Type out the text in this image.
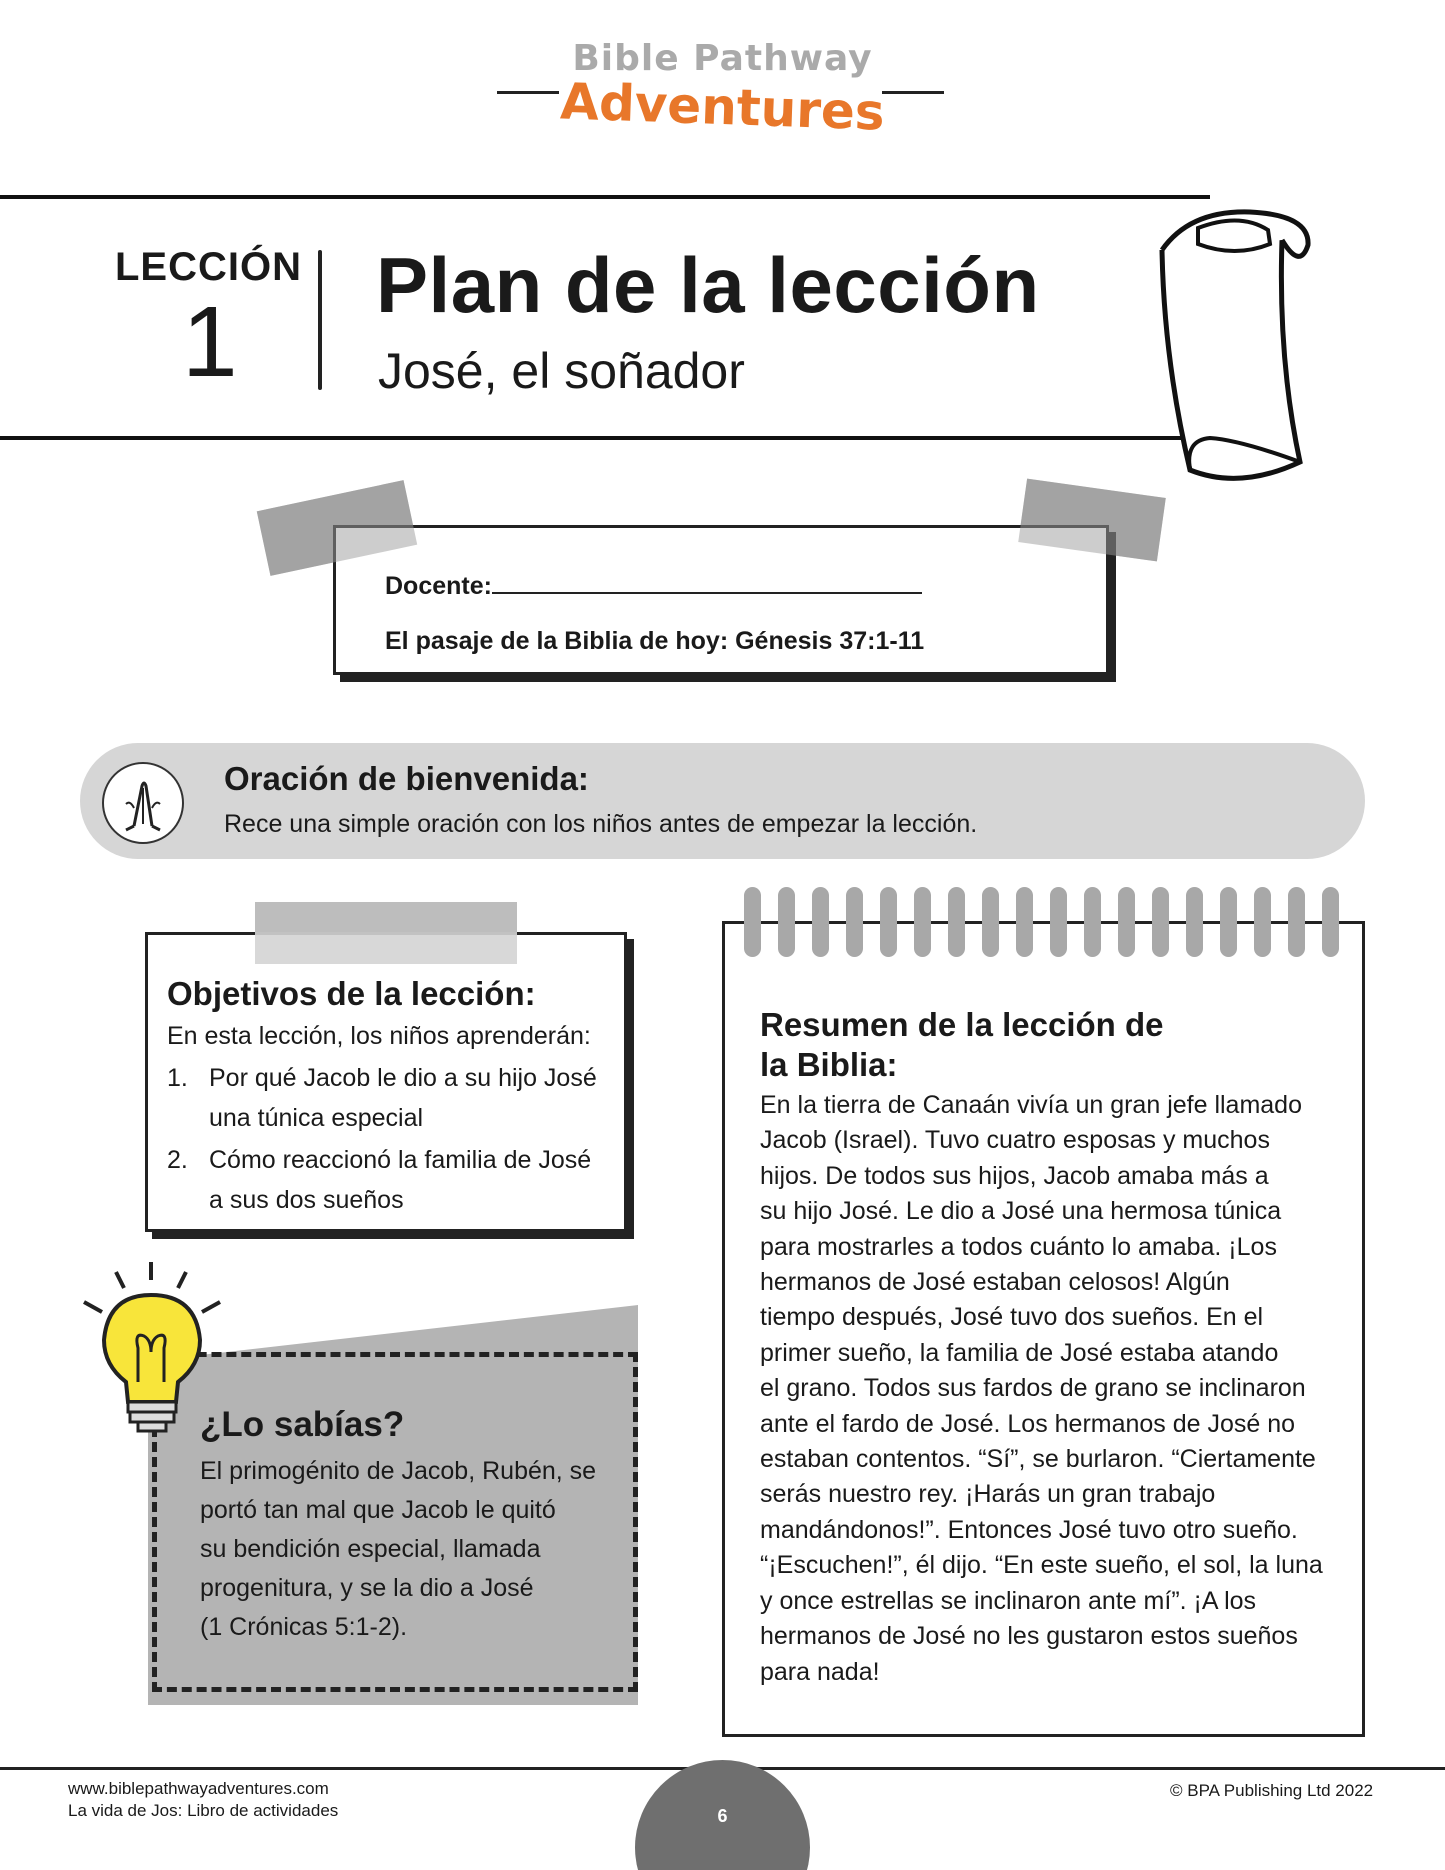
Bible Pathway
Adventures
LECCIÓN
1
Plan de la lección
José, el soñador
Docente:
El pasaje de la Biblia de hoy: Génesis 37:1-11
Oración de bienvenida:
Rece una simple oración con los niños antes de empezar la lección.
Objetivos de la lección:
En esta lección, los niños aprenderán:
1. Por qué Jacob le dio a su hijo José
una túnica especial
2. Cómo reaccionó la familia de José
a sus dos sueños
¿Lo sabías?
El primogénito de Jacob, Rubén, se
portó tan mal que Jacob le quitó
su bendición especial, llamada
progenitura, y se la dio a José
(1 Crónicas 5:1-2).
Resumen de la lección de
la Biblia:
En la tierra de Canaán vivía un gran jefe llamado
Jacob (Israel). Tuvo cuatro esposas y muchos
hijos. De todos sus hijos, Jacob amaba más a
su hijo José. Le dio a José una hermosa túnica
para mostrarles a todos cuánto lo amaba. ¡Los
hermanos de José estaban celosos! Algún
tiempo después, José tuvo dos sueños. En el
primer sueño, la familia de José estaba atando
el grano. Todos sus fardos de grano se inclinaron
ante el fardo de José. Los hermanos de José no
estaban contentos. “Sí”, se burlaron. “Ciertamente
serás nuestro rey. ¡Harás un gran trabajo
mandándonos!”. Entonces José tuvo otro sueño.
“¡Escuchen!”, él dijo. “En este sueño, el sol, la luna
y once estrellas se inclinaron ante mí”. ¡A los
hermanos de José no les gustaron estos sueños
para nada!
6
www.biblepathwayadventures.com
La vida de Jos: Libro de actividades
© BPA Publishing Ltd 2022
